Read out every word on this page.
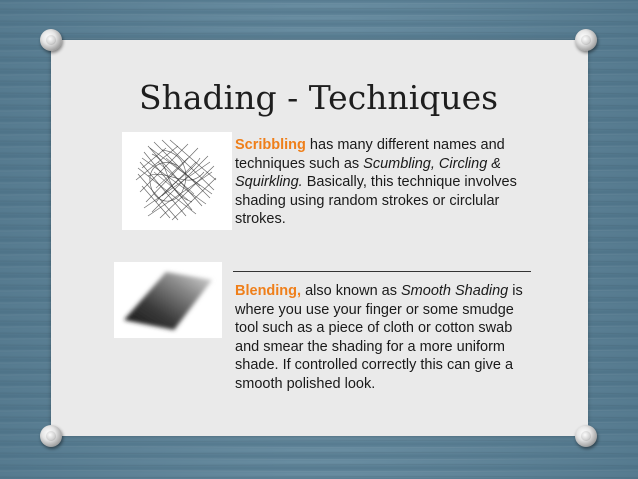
Shading - Techniques

Scribbling has many different names and techniques such as Scumbling, Circling & Squirkling. Basically, this technique involves shading using random strokes or circlular strokes.

Blending, also known as Smooth Shading is where you use your finger or some smudge tool such as a piece of cloth or cotton swab and smear the shading for a more uniform shade. If controlled correctly this can give a smooth polished look.
